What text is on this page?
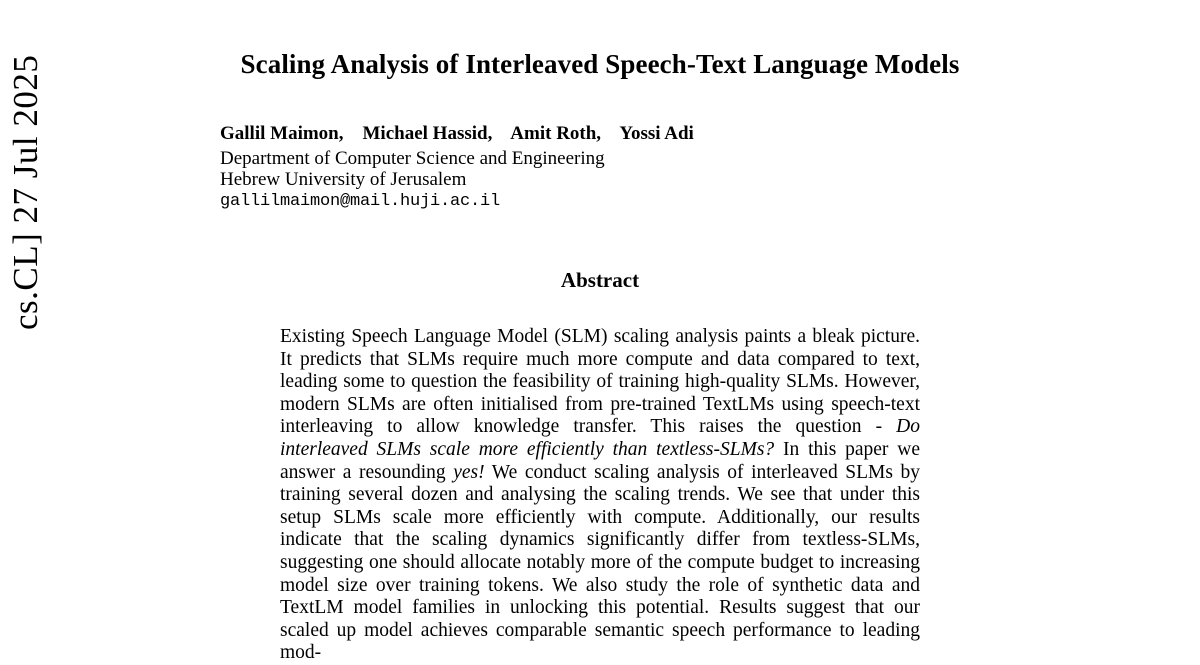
cs.CL] 27 Jul 2025	Scaling Analysis of Interleaved Speech-Text Language Models
Gallil Maimon,    Michael Hassid,    Amit Roth,    Yossi Adi
Department of Computer Science and Engineering
Hebrew University of Jerusalem
gallilmaimon@mail.huji.ac.il
Abstract

Existing Speech Language Model (SLM) scaling analysis paints a bleak picture. It predicts that SLMs require much more compute and data compared to text, leading some to question the feasibility of training high-quality SLMs. However, modern SLMs are often initialised from pre-trained TextLMs using speech-text interleaving to allow knowledge transfer. This raises the question - Do interleaved SLMs scale more efficiently than textless-SLMs? In this paper we answer a resounding yes! We conduct scaling analysis of interleaved SLMs by training several dozen and analysing the scaling trends. We see that under this setup SLMs scale more efficiently with compute. Additionally, our results indicate that the scaling dynamics significantly differ from textless-SLMs, suggesting one should allocate notably more of the compute budget to increasing model size over training tokens. We also study the role of synthetic data and TextLM model families in unlocking this potential. Results suggest that our scaled up model achieves comparable semantic speech performance to leading mod-
